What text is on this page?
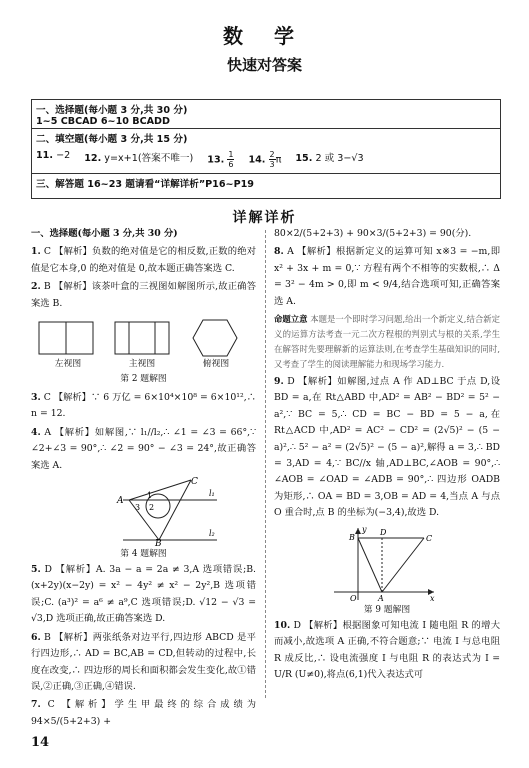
数 学
快速对答案
一、选择题(每小题 3 分,共 30 分)
1~5 CBCAD 6~10 BCADD
二、填空题(每小题 3 分,共 15 分)
11. −2 12. y=x+1(答案不唯一) 13. $\frac{1}{6} 14$. $\frac{2}{3}\pi$ 15. 2 或 3−√3
三、解答题 16~23 题请看“详解详析”P16~P19
详解详析
一、选择题(每小题 3 分,共 30 分)
1. C 【解析】负数的绝对值是它的相反数,正数的绝对值是它本身,0 的绝对值是 0,故本题正确答案选 C.
2. B 【解析】该茶叶盒的三视图如解图所示,故正确答案选 B.
左视图	主视图	俯视图
第 2 题解图
3. C 【解析】∵ 6 万亿 = 6×10⁴×10⁸ = 6×10¹²,∴ n = 12.
4. A 【解析】如解图,∵ l₁//l₂,∴ ∠1 = ∠3 = 66°,∵ ∠2+∠3 = 90°,∴ ∠2 = 90° − ∠3 = 24°,故正确答案选 A.
A
C
B
3
1
2
l₁
l₂
第 4 题解图
5. D 【解析】A. 3a − a = 2a ≠ 3,A 选项错误;B. (x+2y)(x−2y) = x² − 4y² ≠ x² − 2y²,B 选项错误;C. (a³)² = a⁶ ≠ a⁹,C 选项错误;D. √12 − √3 = √3,D 选项正确,故正确答案选 D.
6. B 【解析】两张纸条对边平行,四边形 ABCD 是平行四边形,∴ AD = BC,AB = CD,但转动的过程中,长度在改变,∴ 四边形的周长和面积都会发生变化,故①错误,②正确,③正确,④错误.
7. C 【解析】学生甲最终的综合成绩为 94×5/(5+2+3) +
80×2/(5+2+3) + 90×3/(5+2+3) = 90(分).
8. A 【解析】根据新定义的运算可知 x※3 = −m,即 x² + 3x + m = 0,∵ 方程有两个不相等的实数根,∴ Δ = 3² − 4m > 0,即 m < 9/4,结合选项可知,正确答案选 A.
命题立意 本题是一个即时学习问题,给出一个新定义,结合新定义的运算方法考查一元二次方程根的判别式与根的关系,学生在解答时先要理解新的运算法则,在考查学生基础知识的同时,又考查了学生的阅读理解能力和现场学习能力.
9. D 【解析】如解图,过点 A 作 AD⊥BC 于点 D,设 BD = a,在 Rt△ABD 中,AD² = AB² − BD² = 5² − a²,∵ BC = 5,∴ CD = BC − BD = 5 − a,在 Rt△ACD 中,AD² = AC² − CD² = (2√5)² − (5 − a)²,∴ 5² − a² = (2√5)² − (5 − a)²,解得 a = 3,∴ BD = 3,AD = 4,∵ BC//x 轴,AD⊥BC,∠AOB = 90°,∴ ∠AOB = ∠OAD = ∠ADB = 90°,∴ 四边形 OADB 为矩形,∴ OA = BD = 3,OB = AD = 4,当点 A 与点 O 重合时,点 B 的坐标为(−3,4),故选 D.
y
B
D
C
A
O	x
第 9 题解图
10. D 【解析】根据图象可知电流 I 随电阻 R 的增大而减小,故选项 A 正确,不符合题意;∵ 电流 I 与总电阻 R 成反比,∴ 设电流强度 I 与电阻 R 的表达式为 I = U/R (U≠0),将点(6,1)代入表达式可
14
